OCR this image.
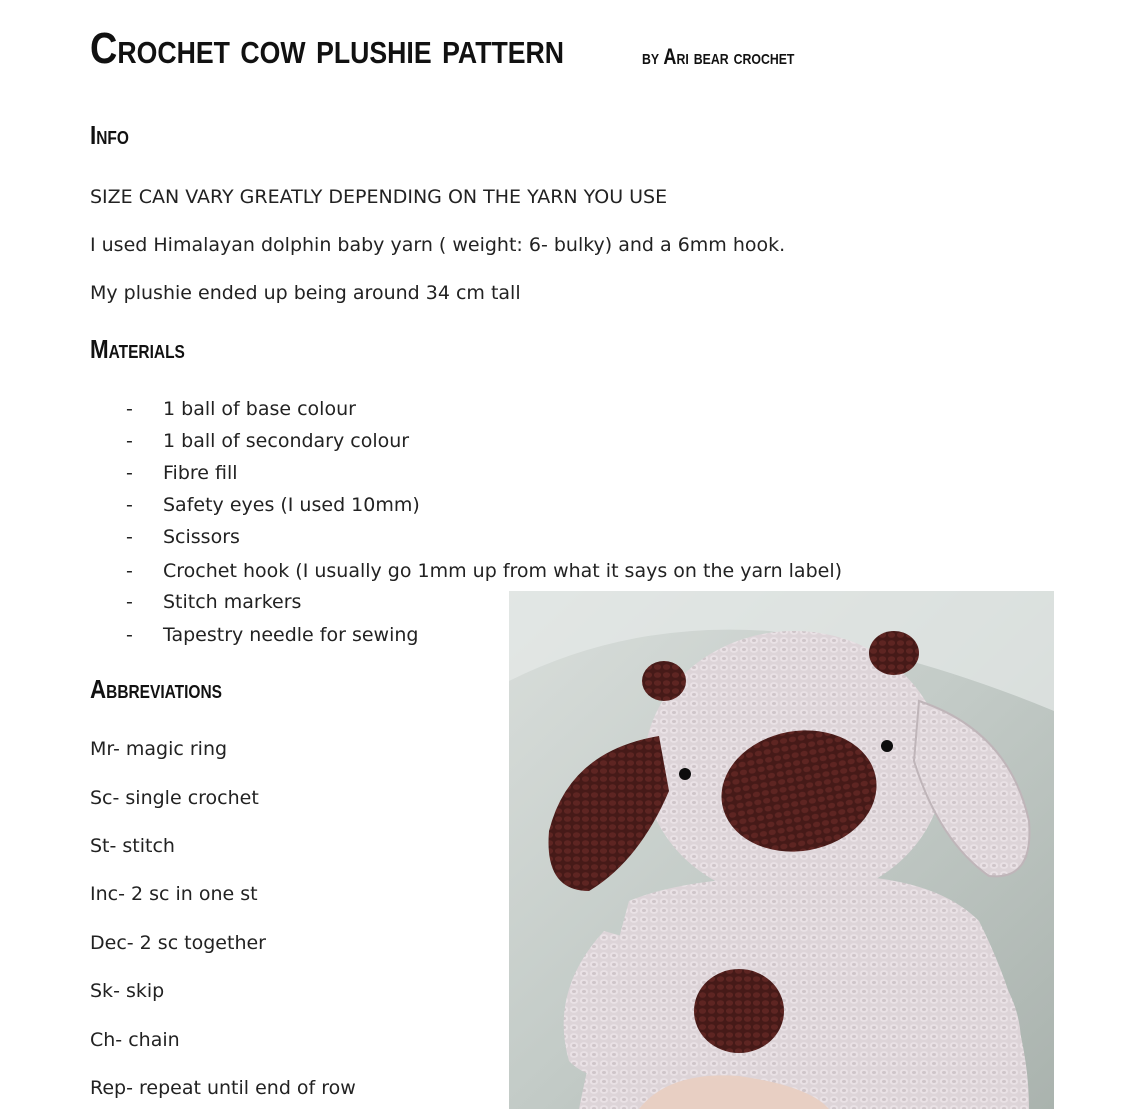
Crochet cow plushie pattern	by Ari bear crochet
Info
SIZE CAN VARY GREATLY DEPENDING ON THE YARN YOU USE
I used Himalayan dolphin baby yarn ( weight: 6- bulky) and a 6mm hook.
My plushie ended up being around 34 cm tall
Materials
- 1 ball of base colour
- 1 ball of secondary colour
- Fibre fill
- Safety eyes (I used 10mm)
- Scissors
- Crochet hook (I usually go 1mm up from what it says on the yarn label)
- Stitch markers
- Tapestry needle for sewing
Abbreviations
Mr- magic ring
Sc- single crochet
St- stitch
Inc- 2 sc in one st
Dec- 2 sc together
Sk- skip
Ch- chain
Rep- repeat until end of row
